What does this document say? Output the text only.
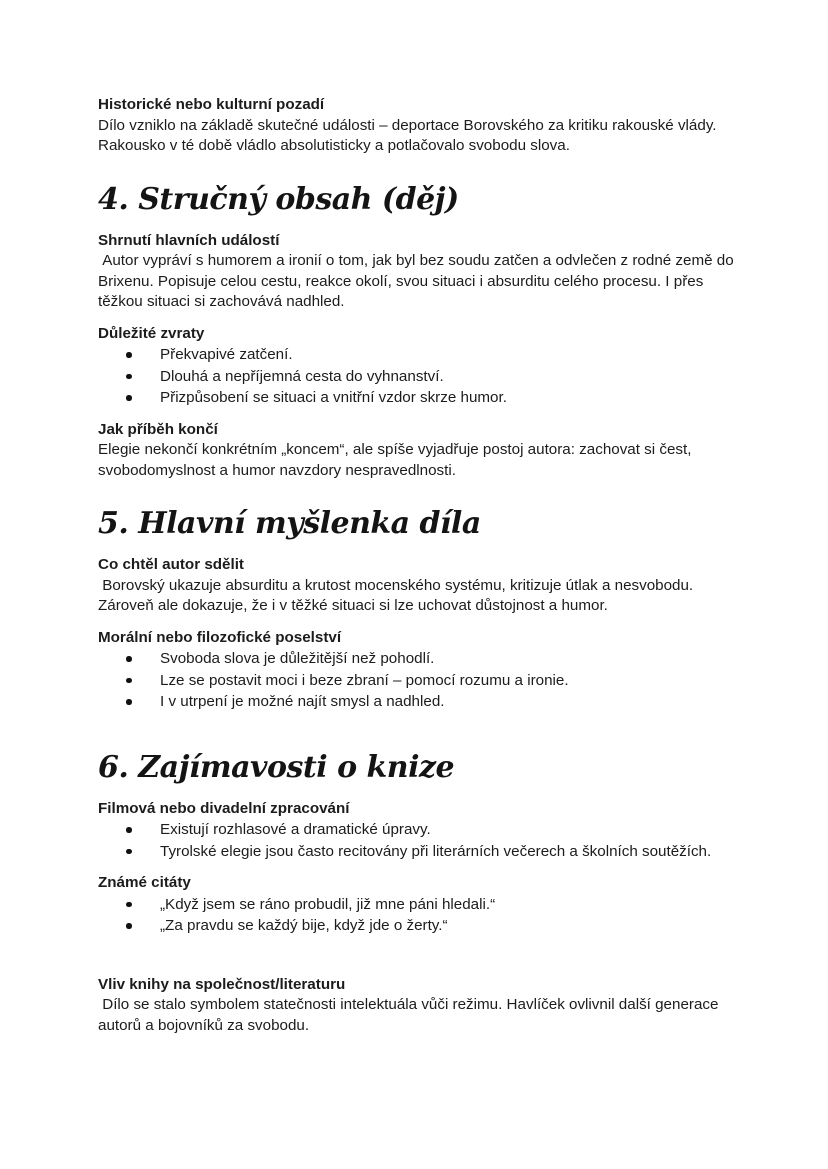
Historické nebo kulturní pozadí

Dílo vzniklo na základě skutečné události – deportace Borovského za kritiku rakouské vlády. Rakousko v té době vládlo absolutisticky a potlačovalo svobodu slova.

4. Stručný obsah (děj)
Shrnutí hlavních událostí

Autor vypráví s humorem a ironií o tom, jak byl bez soudu zatčen a odvlečen z rodné země do Brixenu. Popisuje celou cestu, reakce okolí, svou situaci i absurditu celého procesu. I přes těžkou situaci si zachovává nadhled.

Důležité zvraty
Překvapivé zatčení.
Dlouhá a nepříjemná cesta do vyhnanství.
Přizpůsobení se situaci a vnitřní vzdor skrze humor.
Jak příběh končí

Elegie nekončí konkrétním „koncem“, ale spíše vyjadřuje postoj autora: zachovat si čest, svobodomyslnost a humor navzdory nespravedlnosti.

5. Hlavní myšlenka díla
Co chtěl autor sdělit

Borovský ukazuje absurditu a krutost mocenského systému, kritizuje útlak a nesvobodu. Zároveň ale dokazuje, že i v těžké situaci si lze uchovat důstojnost a humor.

Morální nebo filozofické poselství
Svoboda slova je důležitější než pohodlí.
Lze se postavit moci i beze zbraní – pomocí rozumu a ironie.
I v utrpení je možné najít smysl a nadhled.
6. Zajímavosti o knize
Filmová nebo divadelní zpracování
Existují rozhlasové a dramatické úpravy.
Tyrolské elegie jsou často recitovány při literárních večerech a školních soutěžích.
Známé citáty
„Když jsem se ráno probudil, již mne páni hledali.“
„Za pravdu se každý bije, když jde o žerty.“
Vliv knihy na společnost/literaturu

Dílo se stalo symbolem statečnosti intelektuála vůči režimu. Havlíček ovlivnil další generace autorů a bojovníků za svobodu.
